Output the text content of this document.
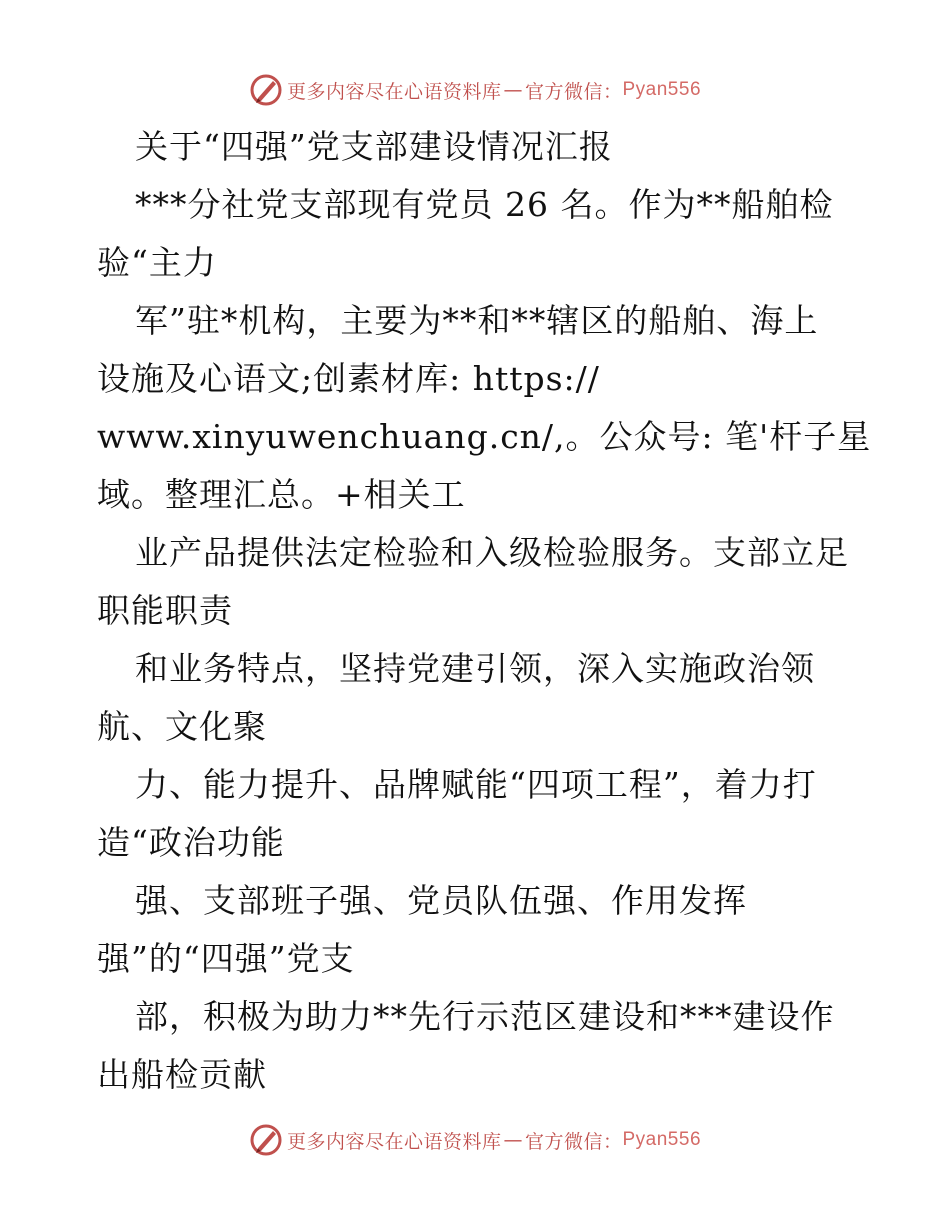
更多内容尽在心语资料库 — 官方微信： Pyan556
关于“四强”党支部建设情况汇报
***分社党支部现有党员 26 名。作为**船舶检
验“主力
军”驻*机构，主要为**和**辖区的船舶、海上
设施及心语文;创素材库: https://
www.xinyuwenchuang.cn/,。公众号: 笔'杆子星
域。整理汇总。+相关工
业产品提供法定检验和入级检验服务。支部立足
职能职责
和业务特点，坚持党建引领，深入实施政治领
航、文化聚
力、能力提升、品牌赋能“四项工程”，着力打
造“政治功能
强、支部班子强、党员队伍强、作用发挥
强”的“四强”党支
部，积极为助力**先行示范区建设和***建设作
出船检贡献
更多内容尽在心语资料库 — 官方微信： Pyan556
